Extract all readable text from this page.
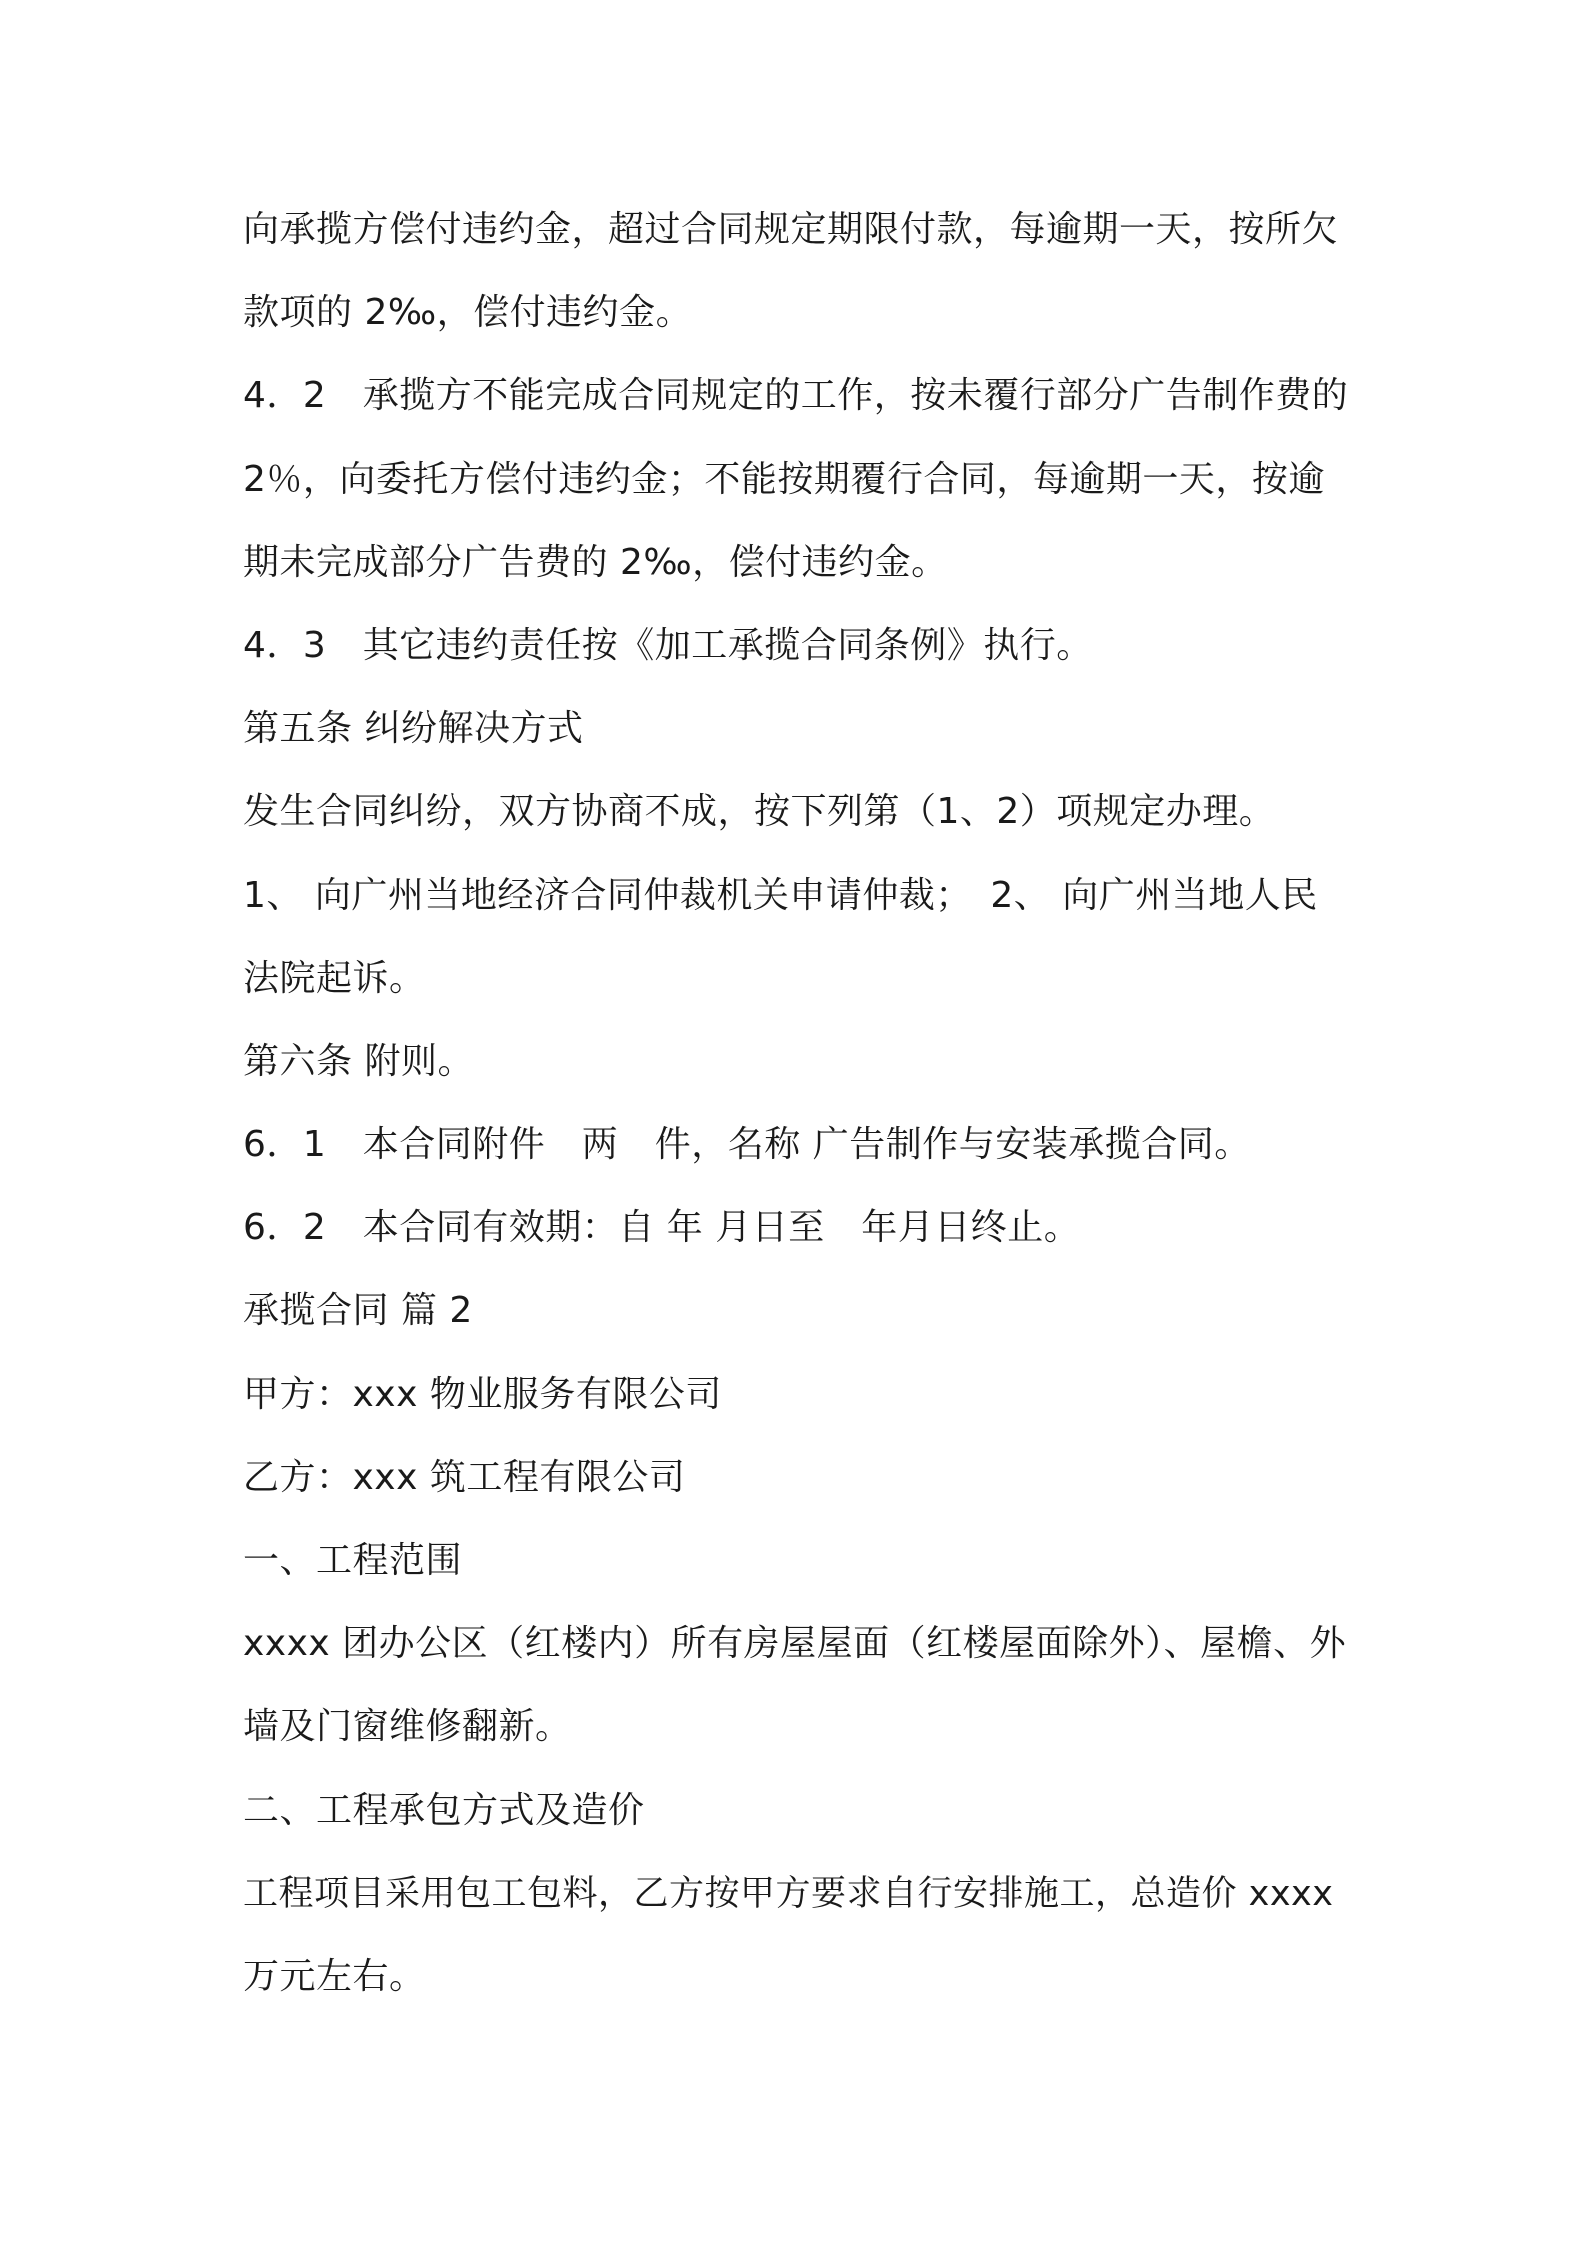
向承揽方偿付违约金，超过合同规定期限付款，每逾期一天，按所欠
款项的 2‰，偿付违约金。
4．2　承揽方不能完成合同规定的工作，按未覆行部分广告制作费的
2％，向委托方偿付违约金；不能按期覆行合同，每逾期一天，按逾
期未完成部分广告费的 2‰，偿付违约金。
4．3　其它违约责任按《加工承揽合同条例》执行。
第五条 纠纷解决方式
发生合同纠纷，双方协商不成，按下列第（1、2）项规定办理。
1、 向广州当地经济合同仲裁机关申请仲裁；　2、 向广州当地人民
法院起诉。
第六条 附则。
6．1　本合同附件　两　件，名称 广告制作与安装承揽合同。
6．2　本合同有效期：自 年 月日至　年月日终止。
承揽合同 篇 2
甲方：xxx 物业服务有限公司
乙方：xxx 筑工程有限公司
一、工程范围
xxxx 团办公区（红楼内）所有房屋屋面（红楼屋面除外）、屋檐、外
墙及门窗维修翻新。
二、工程承包方式及造价
工程项目采用包工包料，乙方按甲方要求自行安排施工，总造价 xxxx
万元左右。
